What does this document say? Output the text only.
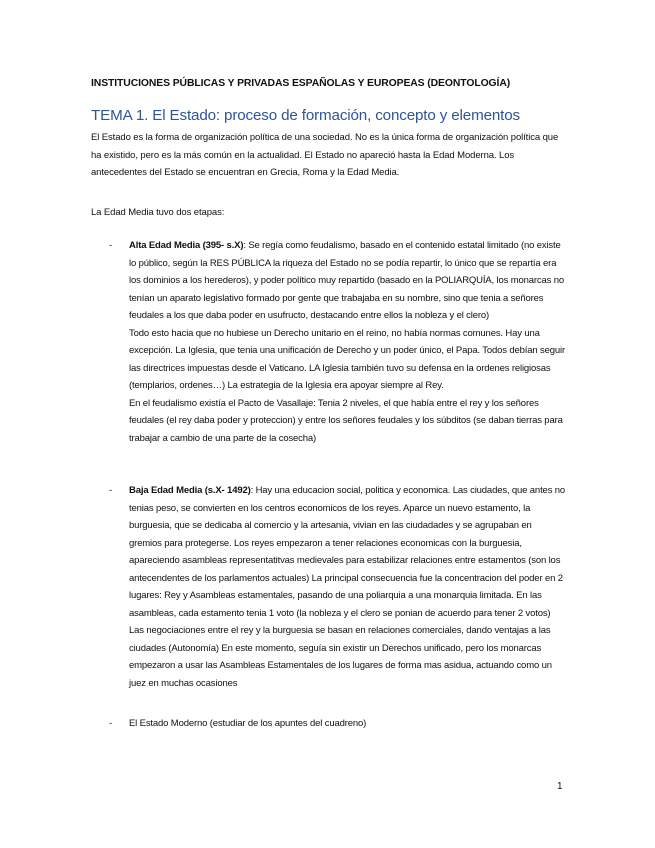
INSTITUCIONES PÚBLICAS Y PRIVADAS ESPAÑOLAS Y EUROPEAS (DEONTOLOGÍA)
TEMA 1. El Estado: proceso de formación, concepto y elementos

El Estado es la forma de organización política de una sociedad. No es la única forma de organización política que ha existido, pero es la más común en la actualidad. El Estado no apareció hasta la Edad Moderna. Los antecedentes del Estado se encuentran en Grecia, Roma y la Edad Media.

La Edad Media tuvo dos etapas:
- Alta Edad Media (395- s.X): Se regía como feudalismo, basado en el contenido estatal limitado (no existe lo público, según la RES PÚBLICA la riqueza del Estado no se podía repartir, lo único que se repartía era los dominios a los herederos), y poder político muy repartido (basado en la POLIARQUÍA, los monarcas no tenían un aparato legislativo formado por gente que trabajaba en su nombre, sino que tenia a señores feudales a los que daba poder en usufructo, destacando entre ellos la nobleza y el clero)

Todo esto hacia que no hubiese un Derecho unitario en el reino, no había normas comunes. Hay una excepción. La Iglesia, que tenia una unificación de Derecho y un poder único, el Papa. Todos debían seguir las directrices impuestas desde el Vaticano. LA Iglesia también tuvo su defensa en la ordenes religiosas (templarios, ordenes…) La estrategia de la Iglesia era apoyar siempre al Rey.

En el feudalismo existía el Pacto de Vasallaje: Tenia 2 niveles, el que había entre el rey y los señores feudales (el rey daba poder y proteccion) y entre los señores feudales y los súbditos (se daban tierras para trabajar a cambio de una parte de la cosecha)

- Baja Edad Media (s.X- 1492): Hay una educacion social, politica y economica. Las ciudades, que antes no tenias peso, se convierten en los centros economicos de los reyes. Aparce un nuevo estamento, la burguesia, que se dedicaba al comercio y la artesania, vivian en las ciudadades y se agrupaban en gremios para protegerse. Los reyes empezaron a tener relaciones economicas con la burguesia, apareciendo asambleas representatitvas medievales para estabilizar relaciones entre estamentos (son los antecendentes de los parlamentos actuales) La principal consecuencia fue la concentracion del poder en 2 lugares: Rey y Asambleas estamentales, pasando de una poliarquia a una monarquia limitada. En las asambleas, cada estamento tenia 1 voto (la nobleza y el clero se ponian de acuerdo para tener 2 votos) Las negociaciones entre el rey y la burguesia se basan en relaciones comerciales, dando ventajas a las ciudades (Autonomía) En este momento, seguía sin existir un Derechos unificado, pero los monarcas empezaron a usar las Asambleas Estamentales de los lugares de forma mas asidua, actuando como un juez en muchas ocasiones

- El Estado Moderno (estudiar de los apuntes del cuadreno)

1
